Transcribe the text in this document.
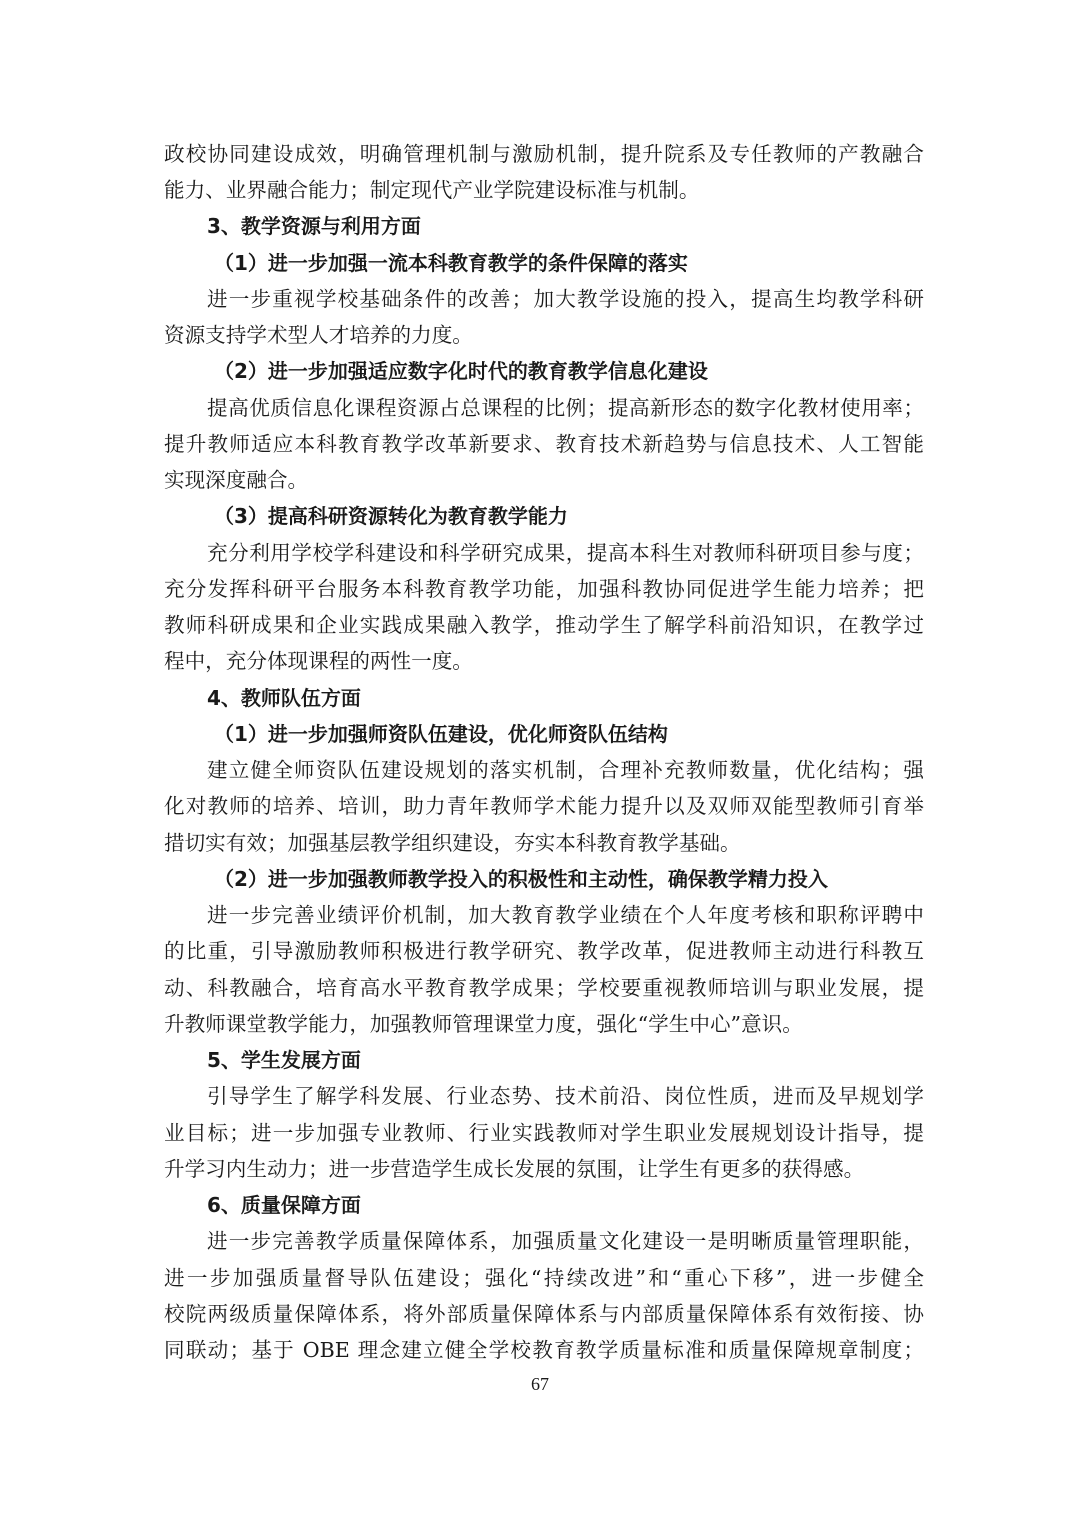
政校协同建设成效，明确管理机制与激励机制，提升院系及专任教师的产教融合
能力、业界融合能力；制定现代产业学院建设标准与机制。
3、教学资源与利用方面
（1）进一步加强一流本科教育教学的条件保障的落实
进一步重视学校基础条件的改善；加大教学设施的投入，提高生均教学科研
资源支持学术型人才培养的力度。
（2）进一步加强适应数字化时代的教育教学信息化建设
提高优质信息化课程资源占总课程的比例；提高新形态的数字化教材使用率；
提升教师适应本科教育教学改革新要求、教育技术新趋势与信息技术、人工智能
实现深度融合。
（3）提高科研资源转化为教育教学能力
充分利用学校学科建设和科学研究成果，提高本科生对教师科研项目参与度；
充分发挥科研平台服务本科教育教学功能，加强科教协同促进学生能力培养；把
教师科研成果和企业实践成果融入教学，推动学生了解学科前沿知识，在教学过
程中，充分体现课程的两性一度。
4、教师队伍方面
（1）进一步加强师资队伍建设，优化师资队伍结构
建立健全师资队伍建设规划的落实机制，合理补充教师数量，优化结构；强
化对教师的培养、培训，助力青年教师学术能力提升以及双师双能型教师引育举
措切实有效；加强基层教学组织建设，夯实本科教育教学基础。
（2）进一步加强教师教学投入的积极性和主动性，确保教学精力投入
进一步完善业绩评价机制，加大教育教学业绩在个人年度考核和职称评聘中
的比重，引导激励教师积极进行教学研究、教学改革，促进教师主动进行科教互
动、科教融合，培育高水平教育教学成果；学校要重视教师培训与职业发展，提
升教师课堂教学能力，加强教师管理课堂力度，强化“学生中心”意识。
5、学生发展方面
引导学生了解学科发展、行业态势、技术前沿、岗位性质，进而及早规划学
业目标；进一步加强专业教师、行业实践教师对学生职业发展规划设计指导，提
升学习内生动力；进一步营造学生成长发展的氛围，让学生有更多的获得感。
6、质量保障方面
进一步完善教学质量保障体系，加强质量文化建设一是明晰质量管理职能，
进一步加强质量督导队伍建设；强化“持续改进”和“重心下移”，进一步健全
校院两级质量保障体系，将外部质量保障体系与内部质量保障体系有效衔接、协
同联动；基于 OBE 理念建立健全学校教育教学质量标准和质量保障规章制度；
67
